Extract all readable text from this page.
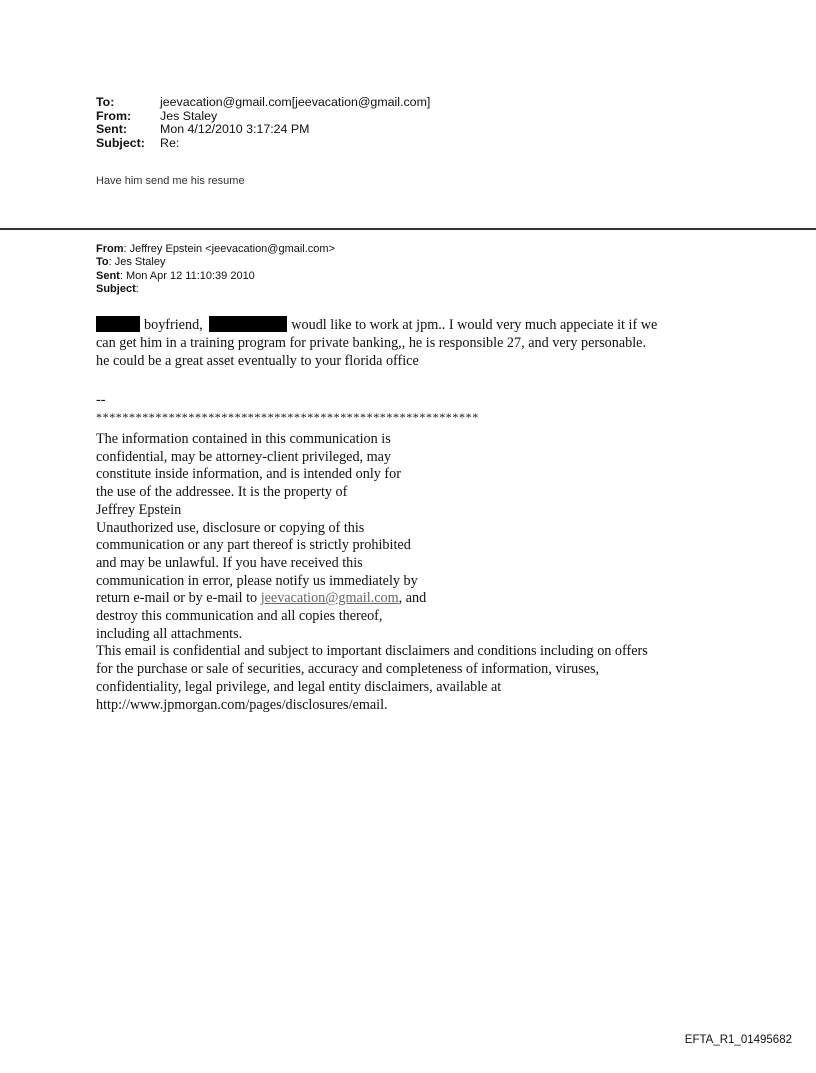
To:	jeevacation@gmail.com[jeevacation@gmail.com]
From: Jes Staley
Sent:	Mon 4/12/2010 3:17:24 PM
Subject: Re:
Have him send me his resume
From: Jeffrey Epstein <jeevacation@gmail.com>
To: Jes Staley
Sent: Mon Apr 12 11:10:39 2010
Subject:
boyfriend,	woudl like to work at jpm.. I would very much appeciate it if we
can get him in a training program for private banking,, he is responsible 27, and very personable.
he could be a great asset eventually to your florida office
--
**********************************************************
The information contained in this communication is
confidential, may be attorney-client privileged, may
constitute inside information, and is intended only for
the use of the addressee. It is the property of
Jeffrey Epstein
Unauthorized use, disclosure or copying of this
communication or any part thereof is strictly prohibited
and may be unlawful. If you have received this
communication in error, please notify us immediately by
return e-mail or by e-mail to jeevacation@gmail.com, and
destroy this communication and all copies thereof,
including all attachments.
This email is confidential and subject to important disclaimers and conditions including on offers
for the purchase or sale of securities, accuracy and completeness of information, viruses,
confidentiality, legal privilege, and legal entity disclaimers, available at
http://www.jpmorgan.com/pages/disclosures/email.
EFTA_R1_01495682
